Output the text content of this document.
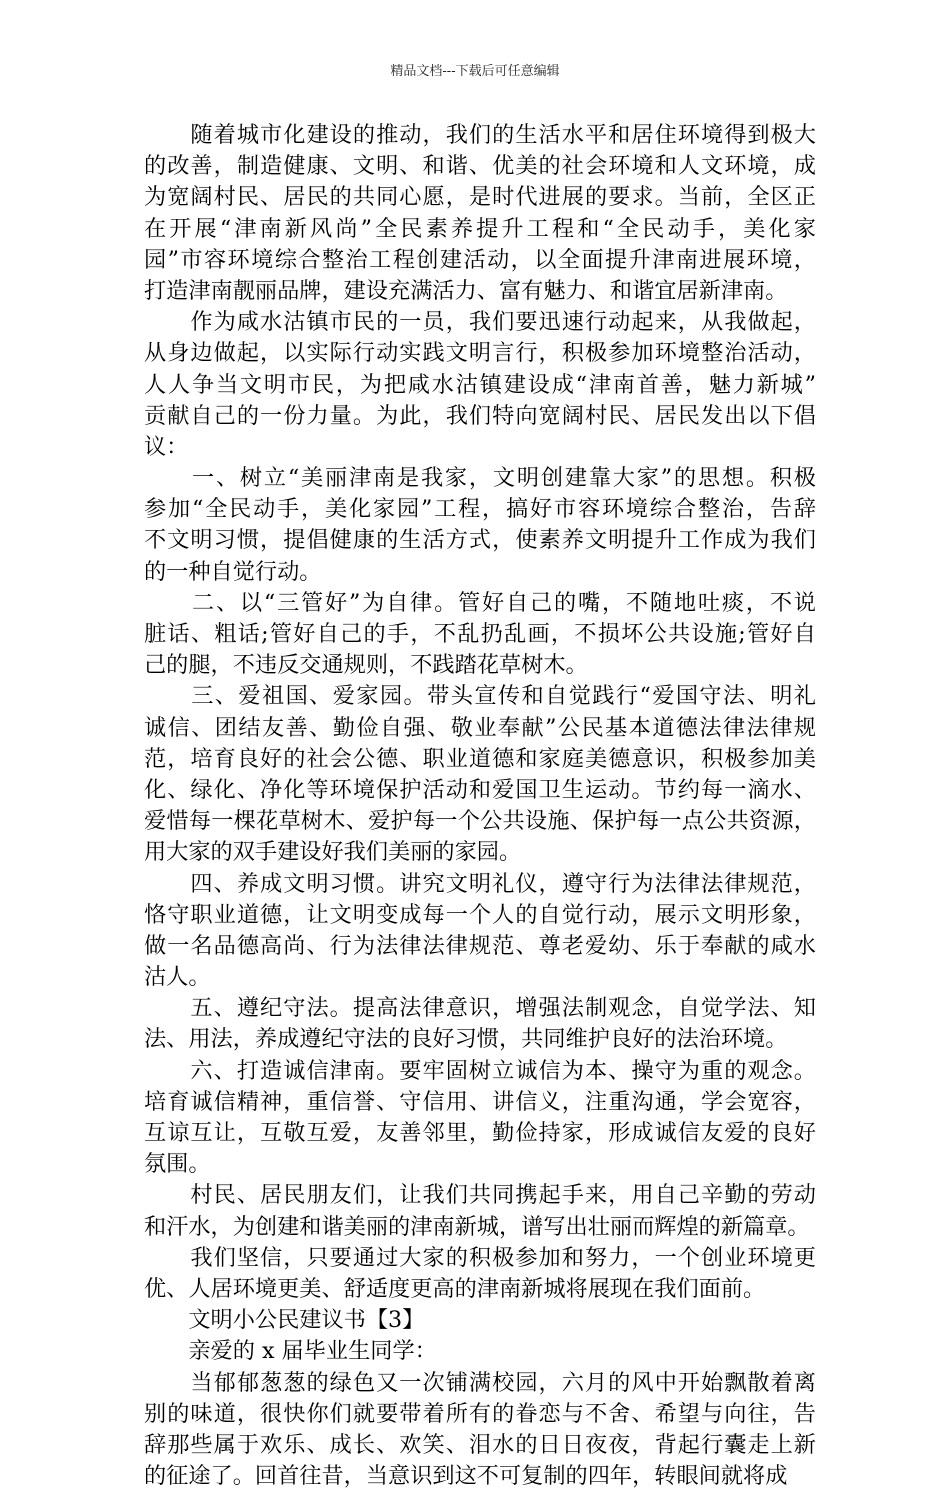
精品文档---下载后可任意编辑
　　随着城市化建设的推动，我们的生活水平和居住环境得到极大
的改善，制造健康、文明、和谐、优美的社会环境和人文环境，成
为宽阔村民、居民的共同心愿，是时代进展的要求。当前，全区正
在开展“津南新风尚”全民素养提升工程和“全民动手，美化家
园”市容环境综合整治工程创建活动，以全面提升津南进展环境，
打造津南靓丽品牌，建设充满活力、富有魅力、和谐宜居新津南。
　　作为咸水沽镇市民的一员，我们要迅速行动起来，从我做起，
从身边做起，以实际行动实践文明言行，积极参加环境整治活动，
人人争当文明市民，为把咸水沽镇建设成“津南首善，魅力新城”
贡献自己的一份力量。为此，我们特向宽阔村民、居民发出以下倡
议：
　　一、树立“美丽津南是我家，文明创建靠大家”的思想。积极
参加“全民动手，美化家园”工程，搞好市容环境综合整治，告辞
不文明习惯，提倡健康的生活方式，使素养文明提升工作成为我们
的一种自觉行动。
　　二、以“三管好”为自律。管好自己的嘴，不随地吐痰，不说
脏话、粗话;管好自己的手，不乱扔乱画，不损坏公共设施;管好自
己的腿，不违反交通规则，不践踏花草树木。
　　三、爱祖国、爱家园。带头宣传和自觉践行“爱国守法、明礼
诚信、团结友善、勤俭自强、敬业奉献”公民基本道德法律法律规
范，培育良好的社会公德、职业道德和家庭美德意识，积极参加美
化、绿化、净化等环境保护活动和爱国卫生运动。节约每一滴水、
爱惜每一棵花草树木、爱护每一个公共设施、保护每一点公共资源，
用大家的双手建设好我们美丽的家园。
　　四、养成文明习惯。讲究文明礼仪，遵守行为法律法律规范，
恪守职业道德，让文明变成每一个人的自觉行动，展示文明形象，
做一名品德高尚、行为法律法律规范、尊老爱幼、乐于奉献的咸水
沽人。
　　五、遵纪守法。提高法律意识，增强法制观念，自觉学法、知
法、用法，养成遵纪守法的良好习惯，共同维护良好的法治环境。
　　六、打造诚信津南。要牢固树立诚信为本、操守为重的观念。
培育诚信精神，重信誉、守信用、讲信义，注重沟通，学会宽容，
互谅互让，互敬互爱，友善邻里，勤俭持家，形成诚信友爱的良好
氛围。
　　村民、居民朋友们，让我们共同携起手来，用自己辛勤的劳动
和汗水，为创建和谐美丽的津南新城，谱写出壮丽而辉煌的新篇章。
　　我们坚信，只要通过大家的积极参加和努力，一个创业环境更
优、人居环境更美、舒适度更高的津南新城将展现在我们面前。
　　文明小公民建议书【3】
　　亲爱的 x 届毕业生同学：
　　当郁郁葱葱的绿色又一次铺满校园，六月的风中开始飘散着离
别的味道，很快你们就要带着所有的眷恋与不舍、希望与向往，告
辞那些属于欢乐、成长、欢笑、泪水的日日夜夜，背起行囊走上新
的征途了。回首往昔，当意识到这不可复制的四年，转眼间就将成
